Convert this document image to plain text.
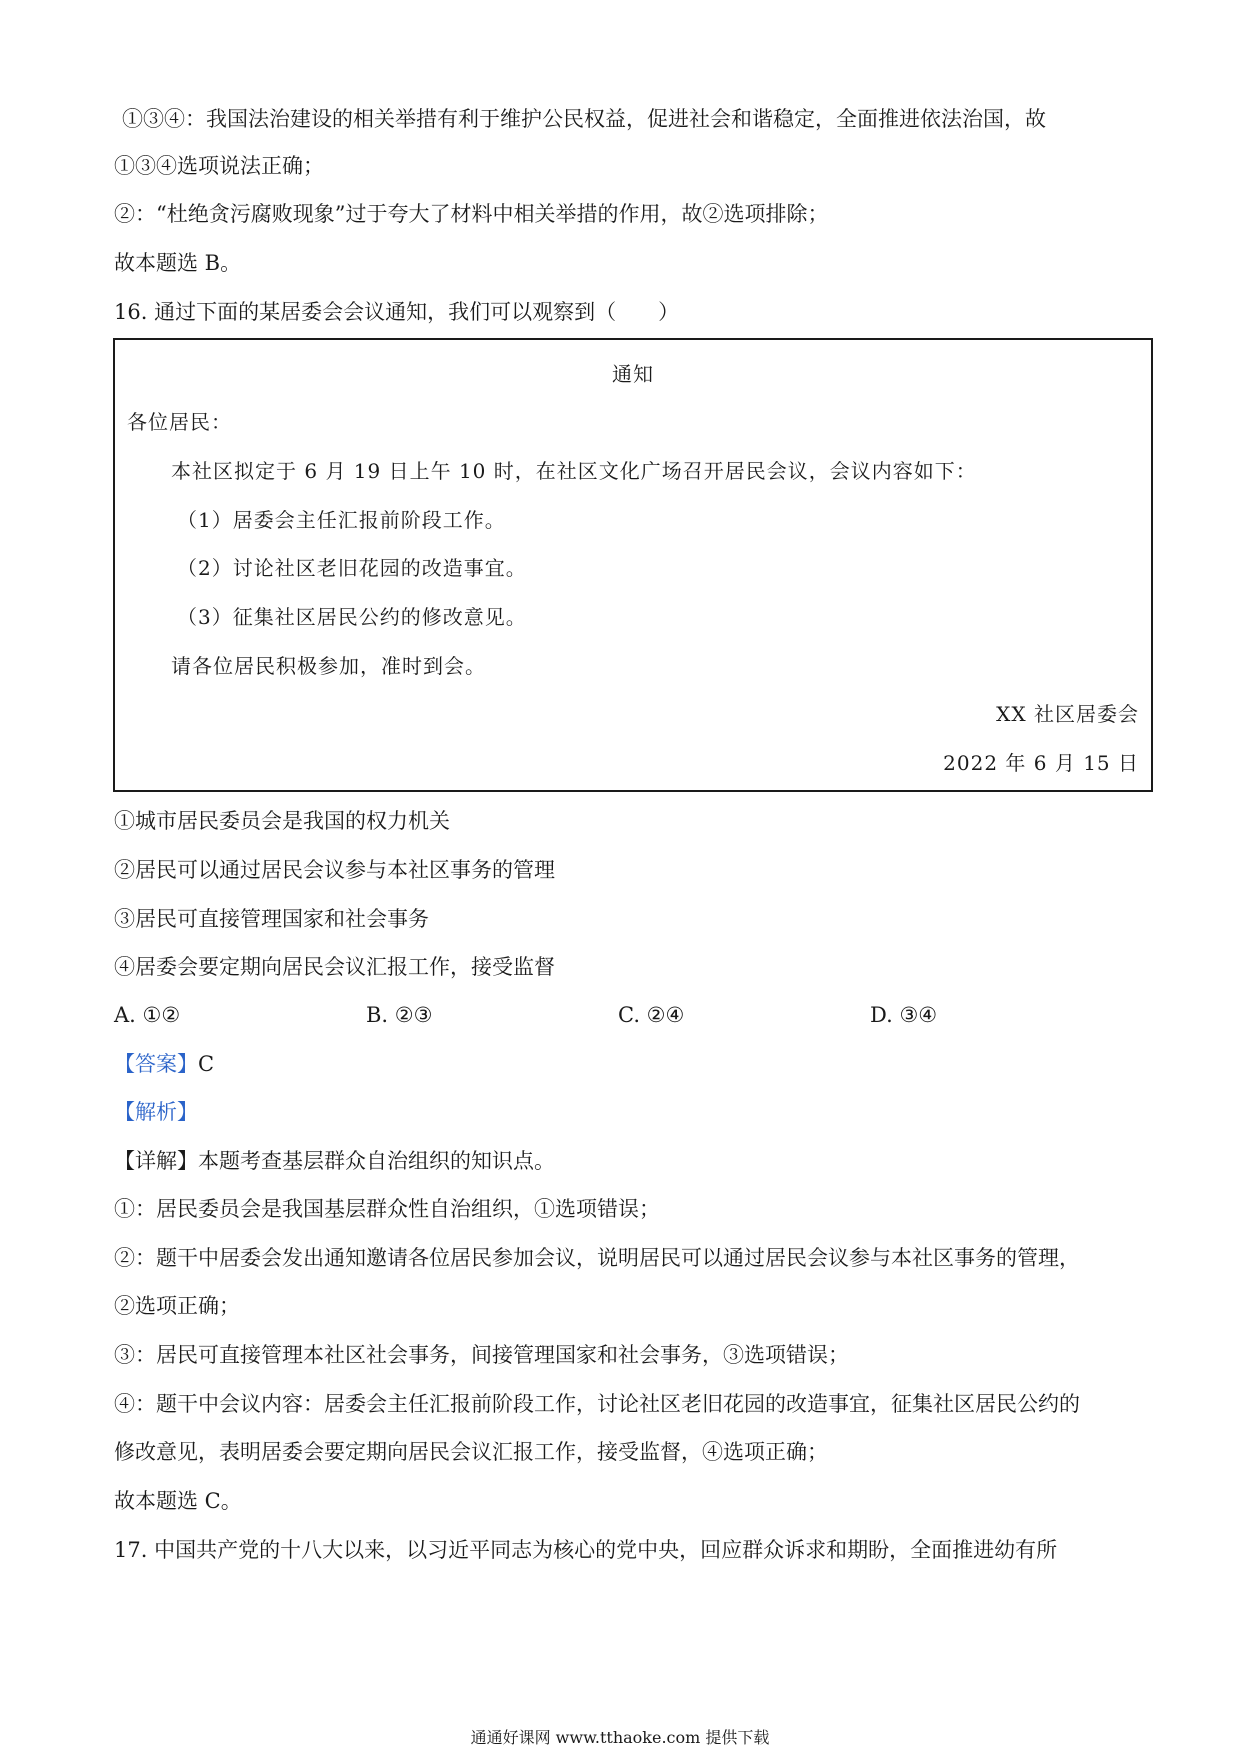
①③④：我国法治建设的相关举措有利于维护公民权益，促进社会和谐稳定，全面推进依法治国，故
①③④选项说法正确；
②：“杜绝贪污腐败现象”过于夸大了材料中相关举措的作用，故②选项排除；
故本题选 B。
16. 通过下面的某居委会会议通知，我们可以观察到（　　）
通知
各位居民：
本社区拟定于 6 月 19 日上午 10 时，在社区文化广场召开居民会议，会议内容如下：
（1）居委会主任汇报前阶段工作。
（2）讨论社区老旧花园的改造事宜。
（3）征集社区居民公约的修改意见。
请各位居民积极参加，准时到会。
XX 社区居委会
2022 年 6 月 15 日
①城市居民委员会是我国的权力机关
②居民可以通过居民会议参与本社区事务的管理
③居民可直接管理国家和社会事务
④居委会要定期向居民会议汇报工作，接受监督
A. ①②	B. ②③	C. ②④	D. ③④
【答案】C
【解析】
【详解】本题考查基层群众自治组织的知识点。
①：居民委员会是我国基层群众性自治组织，①选项错误；
②：题干中居委会发出通知邀请各位居民参加会议，说明居民可以通过居民会议参与本社区事务的管理，
②选项正确；
③：居民可直接管理本社区社会事务，间接管理国家和社会事务，③选项错误；
④：题干中会议内容：居委会主任汇报前阶段工作，讨论社区老旧花园的改造事宜，征集社区居民公约的
修改意见，表明居委会要定期向居民会议汇报工作，接受监督，④选项正确；
故本题选 C。
17. 中国共产党的十八大以来，以习近平同志为核心的党中央，回应群众诉求和期盼，全面推进幼有所
通通好课网 www.tthaoke.com 提供下载
